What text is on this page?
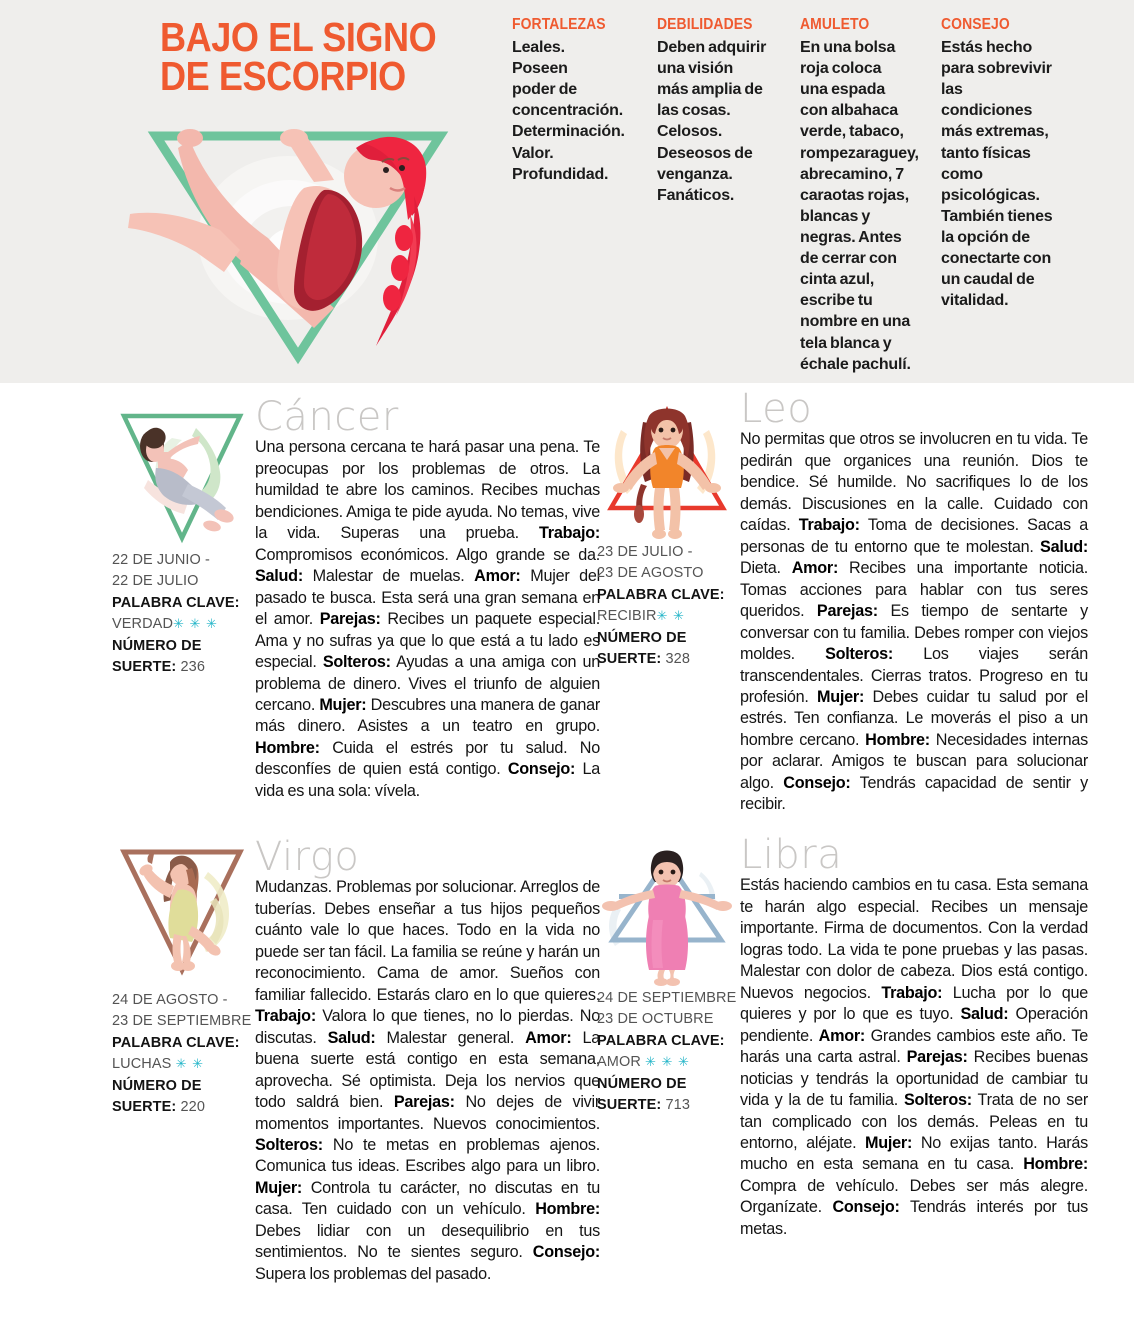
BAJO EL SIGNO
DE ESCORPIO
FORTALEZAS
Leales. Poseen poder de concentración. Determinación. Valor. Profundidad.
DEBILIDADES
Deben adquirir una visión más amplia de las cosas. Celosos. Deseosos de venganza. Fanáticos.
AMULETO
En una bolsa roja coloca una espada con albahaca verde, tabaco, rompezaraguey, abrecamino, 7 caraotas rojas, blancas y negras. Antes de cerrar con cinta azul, escribe tu nombre en una tela blanca y échale pachulí.
CONSEJO
Estás hecho para sobrevivir las condiciones más extremas, tanto físicas como psicológicas. También tienes la opción de conectarte con un caudal de vitalidad.
22 DE JUNIO -
22 DE JULIO
PALABRA CLAVE:
VERDAD✳ ✳ ✳
NÚMERO DE
SUERTE: 236
Cáncer
Una persona cercana te hará pasar una pena. Te preocupas por los problemas de otros. La humildad te abre los caminos. Recibes muchas bendiciones. Amiga te pide ayuda. No temas, vive la vida. Superas una prueba. Trabajo: Compromisos económicos. Algo grande se da. Salud: Malestar de muelas. Amor: Mujer del pasado te busca. Esta será una gran semana en el amor. Parejas: Recibes un paquete especial. Ama y no sufras ya que lo que está a tu lado es especial. Solteros: Ayudas a una amiga con un problema de dinero. Vives el triunfo de alguien cercano. Mujer: Descubres una manera de ganar más dinero. Asistes a un teatro en grupo. Hombre: Cuida el estrés por tu salud. No desconfíes de quien está contigo. Consejo: La vida es una sola: vívela.
23 DE JULIO -
23 DE AGOSTO
PALABRA CLAVE:
RECIBIR✳ ✳
NÚMERO DE
SUERTE: 328
Leo
No permitas que otros se involucren en tu vida. Te pedirán que organices una reunión. Dios te bendice. Sé humilde. No sacrifiques lo de los demás. Discusiones en la calle. Cuidado con caídas. Trabajo: Toma de decisiones. Sacas a personas de tu entorno que te molestan. Salud: Dieta. Amor: Recibes una importante noticia. Tomas acciones para hablar con tus seres queridos. Parejas: Es tiempo de sentarte y conversar con tu familia. Debes romper con viejos moldes. Solteros: Los viajes serán transcendentales. Cierras tratos. Progreso en tu profesión. Mujer: Debes cuidar tu salud por el estrés. Ten confianza. Le moverás el piso a un hombre cercano. Hombre: Necesidades internas por aclarar. Amigos te buscan para solucionar algo. Consejo: Tendrás capacidad de sentir y recibir.
24 DE AGOSTO -
23 DE SEPTIEMBRE
PALABRA CLAVE:
LUCHAS ✳ ✳
NÚMERO DE
SUERTE: 220
Virgo
Mudanzas. Problemas por solucionar. Arreglos de tuberías. Debes enseñar a tus hijos pequeños cuánto vale lo que haces. Todo en la vida no puede ser tan fácil. La familia se reúne y harán un reconocimiento. Cama de amor. Sueños con familiar fallecido. Estarás claro en lo que quieres. Trabajo: Valora lo que tienes, no lo pierdas. No discutas. Salud: Malestar general. Amor: La buena suerte está contigo en esta semana, aprovecha. Sé optimista. Deja los nervios que todo saldrá bien. Parejas: No dejes de vivir momentos importantes. Nuevos conocimientos. Solteros: No te metas en problemas ajenos. Comunica tus ideas. Escribes algo para un libro. Mujer: Controla tu carácter, no discutas en tu casa. Ten cuidado con un vehículo. Hombre: Debes lidiar con un desequilibrio en tus sentimientos. No te sientes seguro. Consejo: Supera los problemas del pasado.
24 DE SEPTIEMBRE
23 DE OCTUBRE
PALABRA CLAVE:
AMOR ✳ ✳ ✳
NÚMERO DE
SUERTE: 713
Libra
Estás haciendo cambios en tu casa. Esta semana te harán algo especial. Recibes un mensaje importante. Firma de documentos. Con la verdad logras todo. La vida te pone pruebas y las pasas. Malestar con dolor de cabeza. Dios está contigo. Nuevos negocios. Trabajo: Lucha por lo que quieres y por lo que es tuyo. Salud: Operación pendiente. Amor: Grandes cambios este año. Te harás una carta astral. Parejas: Recibes buenas noticias y tendrás la oportunidad de cambiar tu vida y la de tu familia. Solteros: Trata de no ser tan complicado con los demás. Peleas en tu entorno, aléjate. Mujer: No exijas tanto. Harás mucho en esta semana en tu casa. Hombre: Compra de vehículo. Debes ser más alegre. Organízate. Consejo: Tendrás interés por tus metas.
